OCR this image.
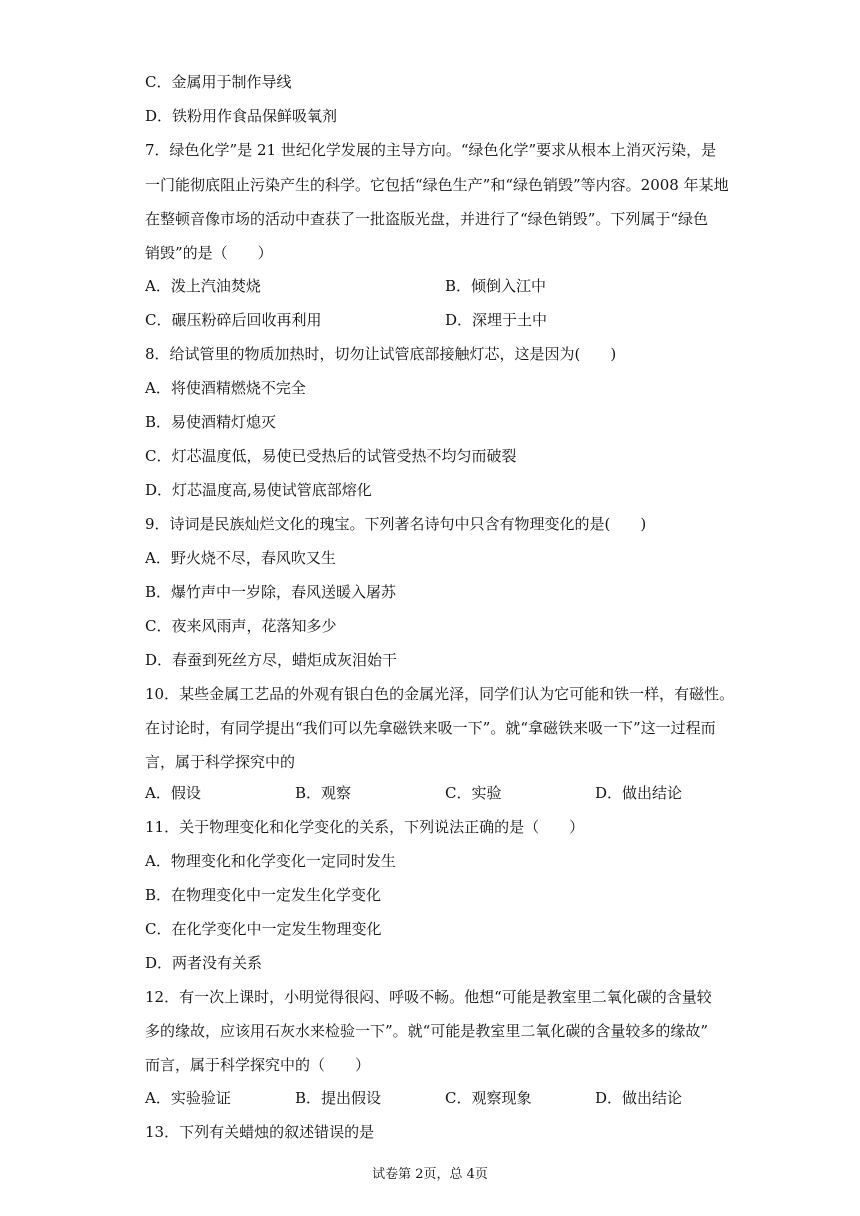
C．金属用于制作导线
D．铁粉用作食品保鲜吸氧剂
7．绿色化学”是 21 世纪化学发展的主导方向。“绿色化学”要求从根本上消灭污染，是
一门能彻底阻止污染产生的科学。它包括“绿色生产”和“绿色销毁”等内容。2008 年某地
在整顿音像市场的活动中查获了一批盗版光盘，并进行了“绿色销毁”。下列属于“绿色
销毁”的是（　　）
A．泼上汽油焚烧	B．倾倒入江中
C．碾压粉碎后回收再利用	D．深埋于土中
8．给试管里的物质加热时，切勿让试管底部接触灯芯，这是因为(　　)
A．将使酒精燃烧不完全
B．易使酒精灯熄灭
C．灯芯温度低，易使已受热后的试管受热不均匀而破裂
D．灯芯温度高,易使试管底部熔化
9．诗词是民族灿烂文化的瑰宝。下列著名诗句中只含有物理变化的是(　　)
A．野火烧不尽，春风吹又生
B．爆竹声中一岁除，春风送暖入屠苏
C．夜来风雨声，花落知多少
D．春蚕到死丝方尽，蜡炬成灰泪始干
10．某些金属工艺品的外观有银白色的金属光泽，同学们认为它可能和铁一样，有磁性。
在讨论时，有同学提出“我们可以先拿磁铁来吸一下”。就“拿磁铁来吸一下”这一过程而
言，属于科学探究中的
A．假设	B．观察	C．实验	D．做出结论
11．关于物理变化和化学变化的关系，下列说法正确的是（　　）
A．物理变化和化学变化一定同时发生
B．在物理变化中一定发生化学变化
C．在化学变化中一定发生物理变化
D．两者没有关系
12．有一次上课时，小明觉得很闷、呼吸不畅。他想“可能是教室里二氧化碳的含量较
多的缘故，应该用石灰水来检验一下”。就“可能是教室里二氧化碳的含量较多的缘故”
而言，属于科学探究中的（　　）
A．实验验证	B．提出假设	C．观察现象	D．做出结论
13．下列有关蜡烛的叙述错误的是
试卷第 2页，总 4页
